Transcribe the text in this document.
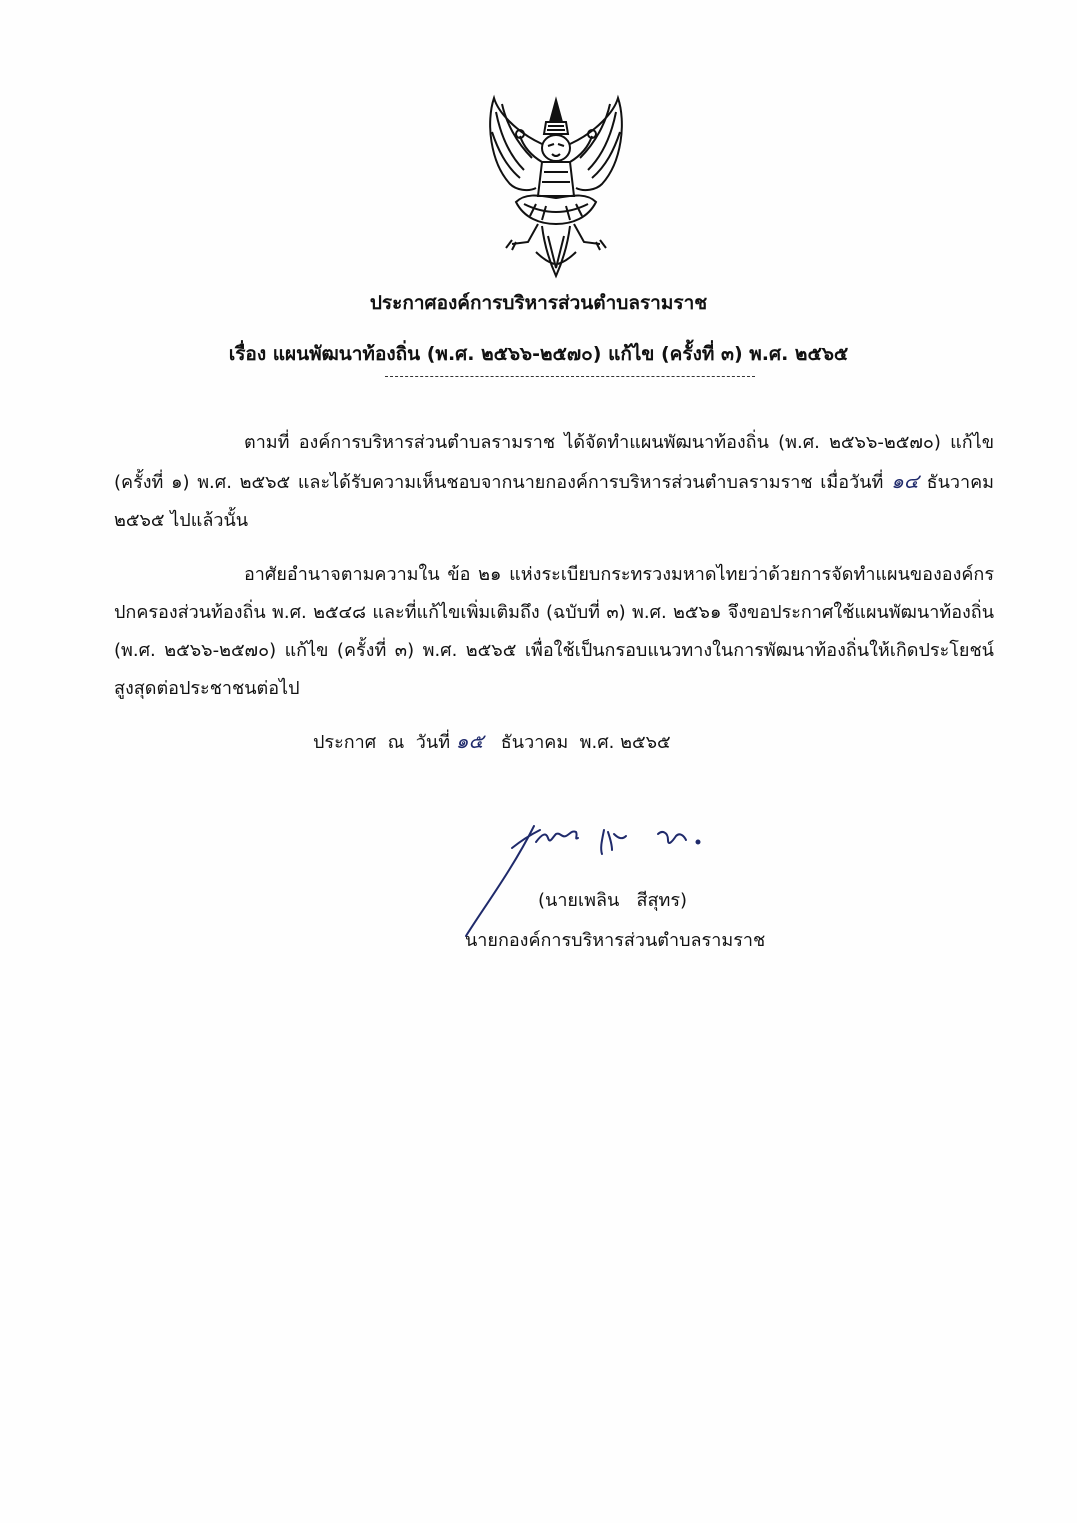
ประกาศองค์การบริหารส่วนตำบลรามราช
เรื่อง แผนพัฒนาท้องถิ่น (พ.ศ. ๒๕๖๖-๒๕๗๐) แก้ไข (ครั้งที่ ๓) พ.ศ. ๒๕๖๕
ตามที่ องค์การบริหารส่วนตำบลรามราช ได้จัดทำแผนพัฒนาท้องถิ่น (พ.ศ. ๒๕๖๖-๒๕๗๐) แก้ไข (ครั้งที่ ๑) พ.ศ. ๒๕๖๕ และได้รับความเห็นชอบจากนายกองค์การบริหารส่วนตำบลรามราช เมื่อวันที่ ๑๔ ธันวาคม ๒๕๖๕ ไปแล้วนั้น
อาศัยอำนาจตามความใน ข้อ ๒๑ แห่งระเบียบกระทรวงมหาดไทยว่าด้วยการจัดทำแผนขององค์กรปกครองส่วนท้องถิ่น พ.ศ. ๒๕๔๘ และที่แก้ไขเพิ่มเติมถึง (ฉบับที่ ๓) พ.ศ. ๒๕๖๑ จึงขอประกาศใช้แผนพัฒนาท้องถิ่น (พ.ศ. ๒๕๖๖-๒๕๗๐) แก้ไข (ครั้งที่ ๓) พ.ศ. ๒๕๖๕ เพื่อใช้เป็นกรอบแนวทางในการพัฒนาท้องถิ่นให้เกิดประโยชน์สูงสุดต่อประชาชนต่อไป
ประกาศ  ณ  วันที่ ๑๕   ธันวาคม  พ.ศ. ๒๕๖๕
(นายเพลิน   สีสุทร)
นายกองค์การบริหารส่วนตำบลรามราช
